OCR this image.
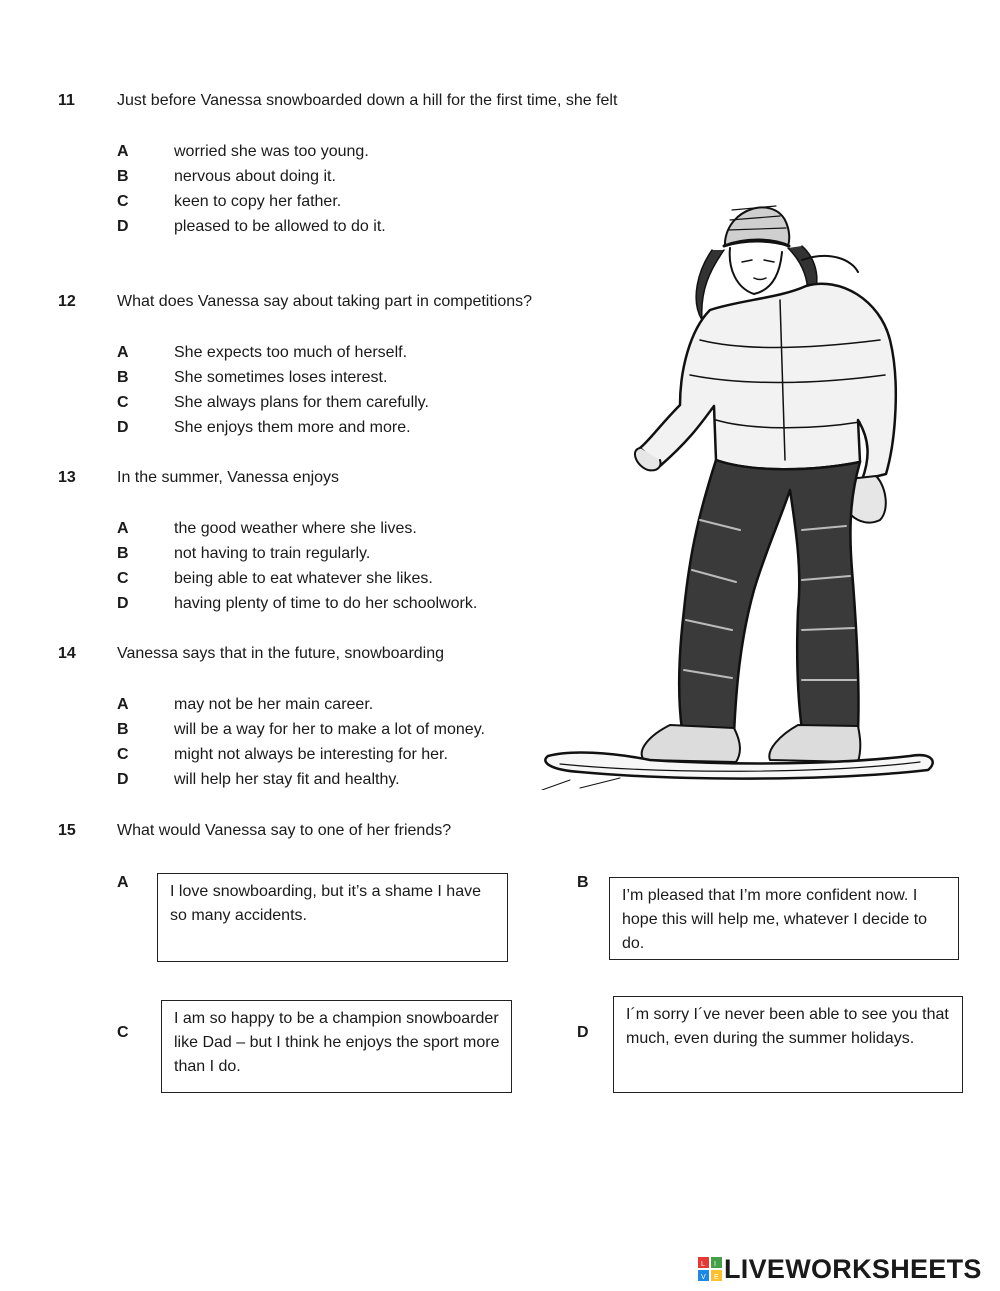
11	Just before Vanessa snowboarded down a hill for the first time, she felt
A	worried she was too young.
B	nervous about doing it.
C	keen to copy her father.
D	pleased to be allowed to do it.
12	What does Vanessa say about taking part in competitions?
A	She expects too much of herself.
B	She sometimes loses interest.
C	She always plans for them carefully.
D	She enjoys them more and more.
13	In the summer, Vanessa enjoys
A	the good weather where she lives.
B	not having to train regularly.
C	being able to eat whatever she likes.
D	having plenty of time to do her schoolwork.
14	Vanessa says that in the future, snowboarding
A	may not be her main career.
B	will be a way for her to make a lot of money.
C	might not always be interesting for her.
D	will help her stay fit and healthy.
15	What would Vanessa say to one of her friends?
A
I love snowboarding, but it’s a shame I have so many accidents.
B
I’m pleased that I’m more confident now. I hope this will help me, whatever I decide to do.
C
I am so happy to be a champion snowboarder like Dad – but I think he enjoys the sport more than I do.
D
I´m sorry I´ve never been able to see you that much, even during the summer holidays.
L I
V E LIVEWORKSHEETS
